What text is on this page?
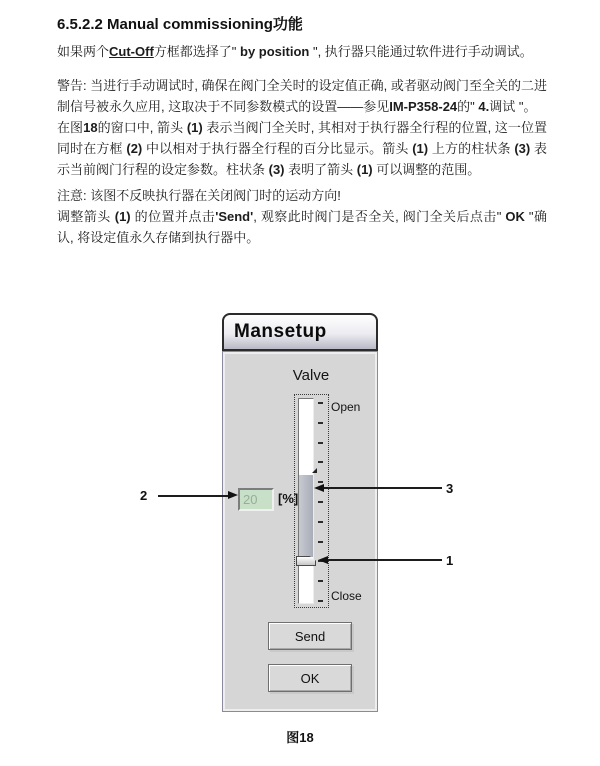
6.5.2.2 Manual commissioning功能

如果两个Cut-Off方框都选择了" by position ", 执行器只能通过软件进行手动调试。

警告: 当进行手动调试时, 确保在阀门全关时的设定值正确, 或者驱动阀门至全关的二进制信号被永久应用, 这取决于不同参数模式的设置——参见IM-P358-24的" 4.调试 "。

在图18的窗口中, 箭头 (1) 表示当阀门全关时, 其相对于执行器全行程的位置, 这一位置同时在方框 (2) 中以相对于执行器全行程的百分比显示。箭头 (1) 上方的柱状条 (3) 表示当前阀门行程的设定参数。柱状条 (3) 表明了箭头 (1) 可以调整的范围。

注意: 该图不反映执行器在关闭阀门时的运动方向!

调整箭头 (1) 的位置并点击'Send', 观察此时阀门是否全关, 阀门全关后点击" OK "确认, 将设定值永久存储到执行器中。

Mansetup
Valve
Open
Close
20	[%]
Send
OK
2	3
1
图18
